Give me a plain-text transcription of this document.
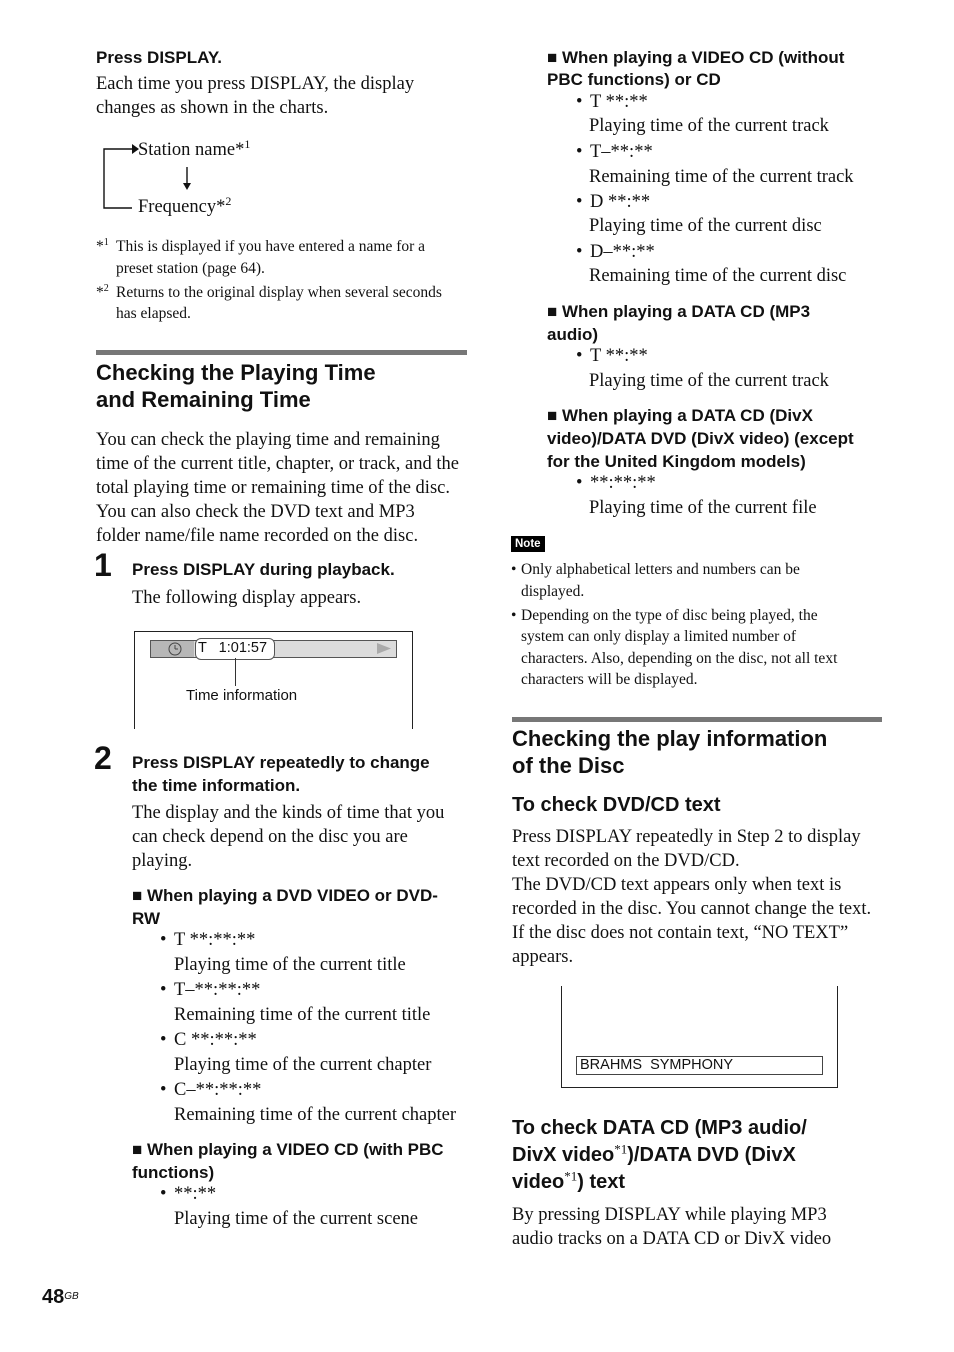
Press DISPLAY.
Each time you press DISPLAY, the display
changes as shown in the charts.
Station name*$^1$
Frequency*$^2$
*$^1$ This is displayed if you have entered a name for a
preset station (page 64).
*$^2$ Returns to the original display when several seconds
has elapsed.
Checking the Playing Time
and Remaining Time
You can check the playing time and remaining
time of the current title, chapter, or track, and the
total playing time or remaining time of the disc.
You can also check the DVD text and MP3
folder name/file name recorded on the disc.
1 Press DISPLAY during playback.
The following display appears.
T   1:01:57
Time information
2 Press DISPLAY repeatedly to change
the time information.
The display and the kinds of time that you
can check depend on the disc you are
playing.
■ When playing a DVD VIDEO or DVD-
RW
• T **:**:**
Playing time of the current title
• T–**:**:**
Remaining time of the current title
• C **:**:**
Playing time of the current chapter
• C–**:**:**
Remaining time of the current chapter
■ When playing a VIDEO CD (with PBC
functions)
• **:**
Playing time of the current scene
$48^{GB}$
■ When playing a VIDEO CD (without
PBC functions) or CD
• T **:**
Playing time of the current track
• T–**:**
Remaining time of the current track
• D **:**
Playing time of the current disc
• D–**:**
Remaining time of the current disc
■ When playing a DATA CD (MP3
audio)
• T **:**
Playing time of the current track
■ When playing a DATA CD (DivX
video)/DATA DVD (DivX video) (except
for the United Kingdom models)
• **:**:**
Playing time of the current file
Note
• Only alphabetical letters and numbers can be
displayed.
• Depending on the type of disc being played, the
system can only display a limited number of
characters. Also, depending on the disc, not all text
characters will be displayed.
Checking the play information
of the Disc
To check DVD/CD text
Press DISPLAY repeatedly in Step 2 to display
text recorded on the DVD/CD.
The DVD/CD text appears only when text is
recorded in the disc. You cannot change the text.
If the disc does not contain text, “NO TEXT”
appears.
BRAHMS  SYMPHONY
To check DATA CD (MP3 audio/
DivX video$^{*1}$)/DATA DVD (DivX
video$^{*1}$) text
By pressing DISPLAY while playing MP3
audio tracks on a DATA CD or DivX video
